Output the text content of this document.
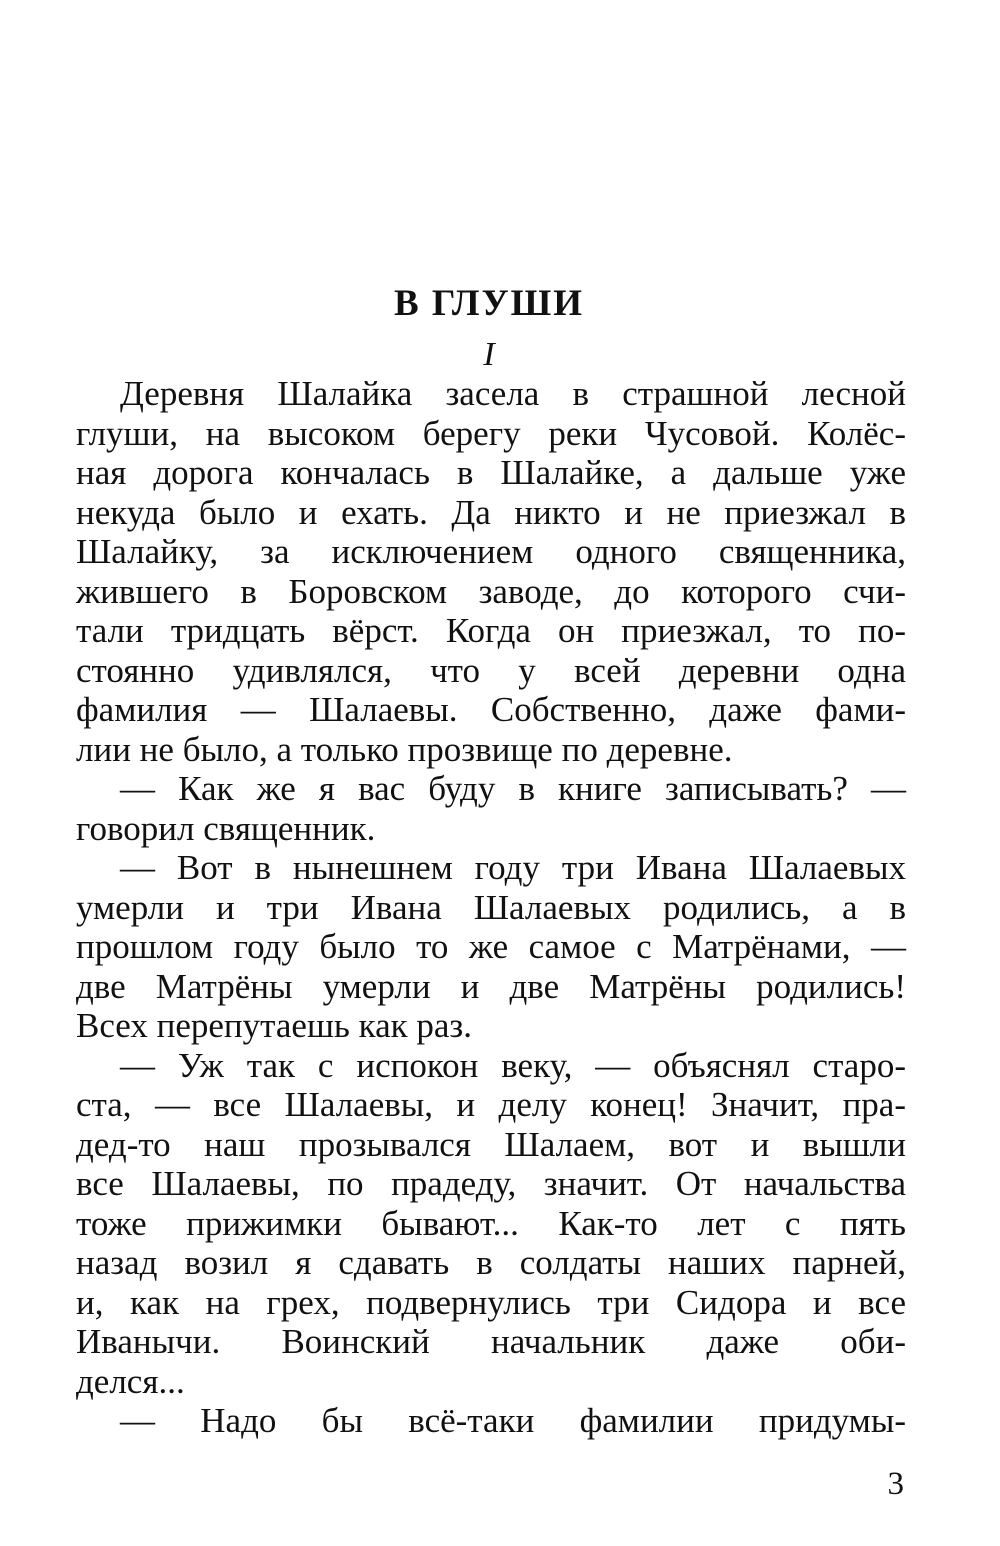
В ГЛУШИ
I
Деревня Шалайка засела в страшной лесной
глуши, на высоком берегу реки Чусовой. Колёс-
ная дорога кончалась в Шалайке, а дальше уже
некуда было и ехать. Да никто и не приезжал в
Шалайку, за исключением одного священника,
жившего в Боровском заводе, до которого счи-
тали тридцать вёрст. Когда он приезжал, то по-
стоянно удивлялся, что у всей деревни одна
фамилия — Шалаевы. Собственно, даже фами-
лии не было, а только прозвище по деревне.
— Как же я вас буду в книге записывать? —
говорил священник.
— Вот в нынешнем году три Ивана Шалаевых
умерли и три Ивана Шалаевых родились, а в
прошлом году было то же самое с Матрёнами, —
две Матрёны умерли и две Матрёны родились!
Всех перепутаешь как раз.
— Уж так с испокон веку, — объяснял старо-
ста, — все Шалаевы, и делу конец! Значит, пра-
дед-то наш прозывался Шалаем, вот и вышли
все Шалаевы, по прадеду, значит. От начальства
тоже прижимки бывают... Как-то лет с пять
назад возил я сдавать в солдаты наших парней,
и, как на грех, подвернулись три Сидора и все
Иванычи. Воинский начальник даже оби-
делся...
— Надо бы всё-таки фамилии придумы-
3
